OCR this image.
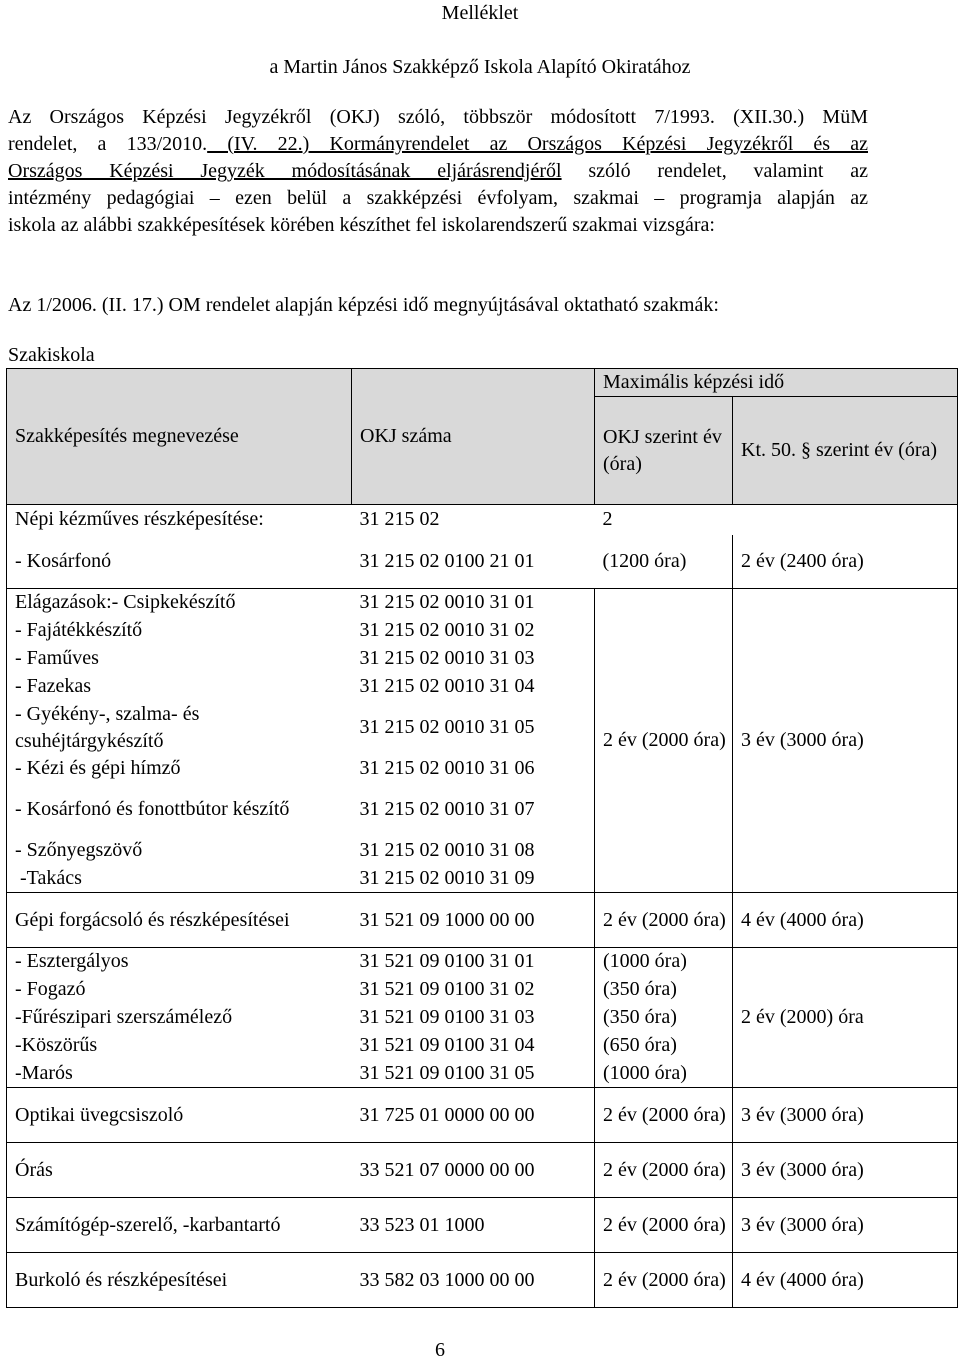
Melléklet
a Martin János Szakképző Iskola Alapító Okiratához
Az Országos Képzési Jegyzékről (OKJ) szóló, többször módosított 7/1993. (XII.30.) MüM
rendelet, a 133/2010. (IV. 22.) Kormányrendelet az Országos Képzési Jegyzékről és az
Országos Képzési Jegyzék módosításának eljárásrendjéről szóló rendelet, valamint az
intézmény pedagógiai – ezen belül a szakképzési évfolyam, szakmai – programja alapján az
iskola az alábbi szakképesítések körében készíthet fel iskolarendszerű szakmai vizsgára:
Az 1/2006. (II. 17.) OM rendelet alapján képzési idő megnyújtásával oktatható szakmák:
Szakiskola
Szakképesítés megnevezése	OKJ száma	Maximális képzési idő	
		OKJ szerint év (óra)	Kt. 50. § szerint év (óra)
Népi kézműves részképesítése:	31 215 02	2	
- Kosárfonó	31 215 02 0100 21 01	(1200 óra)	2 év (2400 óra)
Elágazások:- Csipkekészítő	31 215 02 0010 31 01	2 év (2000 óra)	3 év (3000 óra)
- Fajátékkészítő	31 215 02 0010 31 02		
- Faműves	31 215 02 0010 31 03		
- Fazekas	31 215 02 0010 31 04		
- Gyékény-, szalma- és csuhéjtárgykészítő	31 215 02 0010 31 05		
- Kézi és gépi hímző	31 215 02 0010 31 06		
- Kosárfonó és fonottbútor készítő	31 215 02 0010 31 07		
- Szőnyegszövő	31 215 02 0010 31 08		
-Takács	31 215 02 0010 31 09		
Gépi forgácsoló és részképesítései	31 521 09 1000 00 00	2 év (2000 óra)	4 év (4000 óra)
- Esztergályos	31 521 09 0100 31 01	(1000 óra)	2 év (2000) óra
- Fogazó	31 521 09 0100 31 02	(350 óra)	
-Fűrészipari szerszámélező	31 521 09 0100 31 03	(350 óra)	
-Köszörűs	31 521 09 0100 31 04	(650 óra)	
-Marós	31 521 09 0100 31 05	(1000 óra)	
Optikai üvegcsiszoló	31 725 01 0000 00 00	2 év (2000 óra)	3 év (3000 óra)
Órás	33 521 07 0000 00 00	2 év (2000 óra)	3 év (3000 óra)
Számítógép-szerelő, -karbantartó	33 523 01 1000	2 év (2000 óra)	3 év (3000 óra)
Burkoló és részképesítései	33 582 03 1000 00 00	2 év (2000 óra)	4 év (4000 óra)
6
